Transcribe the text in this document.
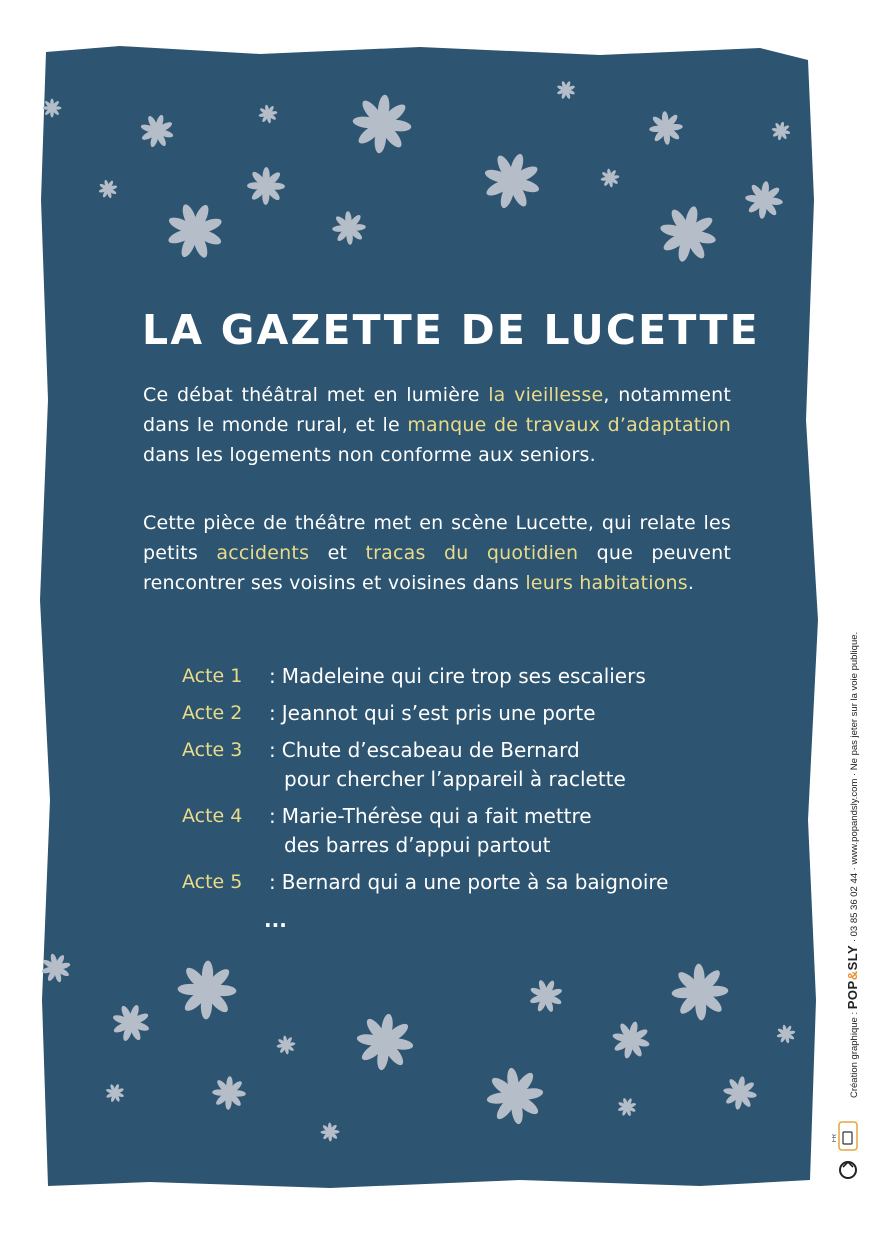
LA GAZETTE DE LUCETTE

Ce débat théâtral met en lumière la vieillesse, notamment dans le monde rural, et le manque de travaux d’adaptation dans les logements non conforme aux seniors.

Cette pièce de théâtre met en scène Lucette, qui relate les petits accidents et tracas du quotidien que peuvent rencontrer ses voisins et voisines dans leurs habitations.

Acte 1 : Madeleine qui cire trop ses escaliers
Acte 2 : Jeannot qui s’est pris une porte
Acte 3 : Chute d’escabeau de Bernard
pour chercher l’appareil à raclette
Acte 4 : Marie-Thérèse qui a fait mettre
des barres d’appui partout
Acte 5 : Bernard qui a une porte à sa baignoire
...
Création graphique : POP&SLY · 03 85 36 02 44 · www.popandsly.com · Ne pas jeter sur la voie publique.
FR
